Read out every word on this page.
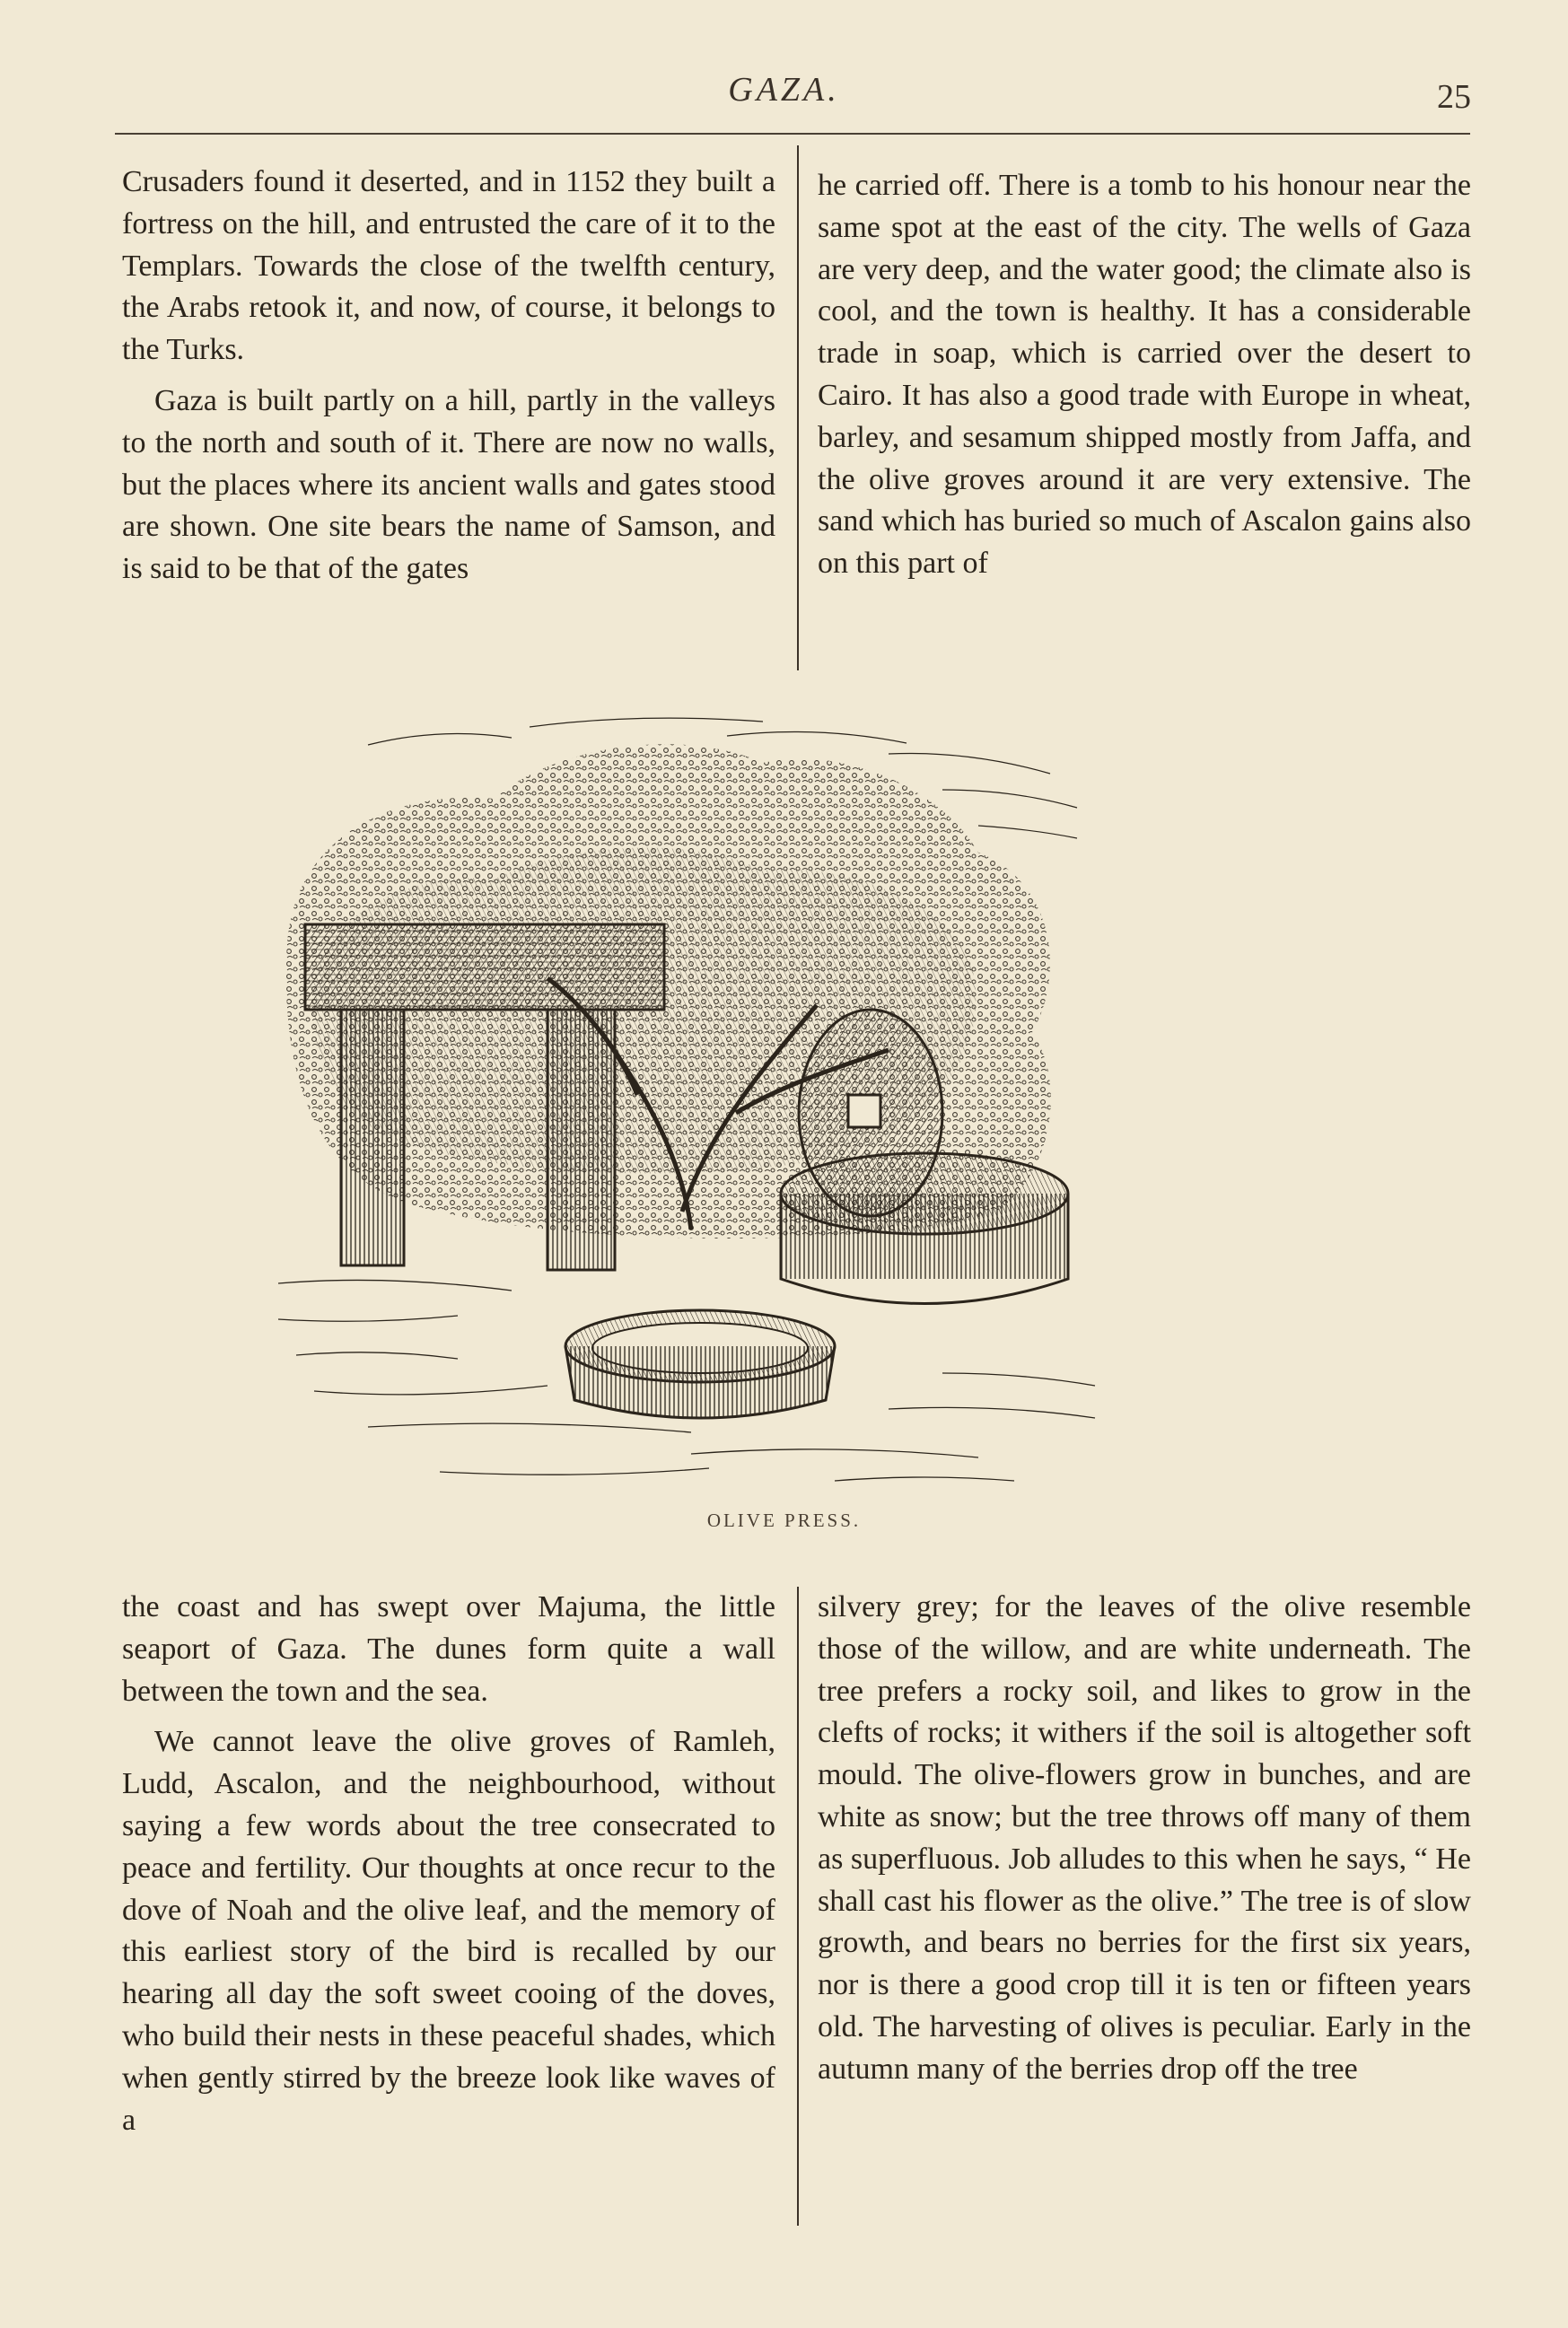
GAZA.	25

Crusaders found it deserted, and in 1152 they built a fortress on the hill, and entrusted the care of it to the Templars. Towards the close of the twelfth century, the Arabs retook it, and now, of course, it belongs to the Turks.

Gaza is built partly on a hill, partly in the valleys to the north and south of it. There are now no walls, but the places where its ancient walls and gates stood are shown. One site bears the name of Samson, and is said to be that of the gates

he carried off. There is a tomb to his honour near the same spot at the east of the city. The wells of Gaza are very deep, and the water good; the climate also is cool, and the town is healthy. It has a considerable trade in soap, which is carried over the desert to Cairo. It has also a good trade with Europe in wheat, barley, and sesamum shipped mostly from Jaffa, and the olive groves around it are very extensive. The sand which has buried so much of Ascalon gains also on this part of

OLIVE PRESS.

the coast and has swept over Majuma, the little seaport of Gaza. The dunes form quite a wall between the town and the sea.

We cannot leave the olive groves of Ramleh, Ludd, Ascalon, and the neighbourhood, without saying a few words about the tree consecrated to peace and fertility. Our thoughts at once recur to the dove of Noah and the olive leaf, and the memory of this earliest story of the bird is recalled by our hearing all day the soft sweet cooing of the doves, who build their nests in these peaceful shades, which when gently stirred by the breeze look like waves of a

silvery grey; for the leaves of the olive resemble those of the willow, and are white underneath. The tree prefers a rocky soil, and likes to grow in the clefts of rocks; it withers if the soil is altogether soft mould. The olive-flowers grow in bunches, and are white as snow; but the tree throws off many of them as superfluous. Job alludes to this when he says, “ He shall cast his flower as the olive.” The tree is of slow growth, and bears no berries for the first six years, nor is there a good crop till it is ten or fifteen years old. The harvesting of olives is peculiar. Early in the autumn many of the berries drop off the tree
